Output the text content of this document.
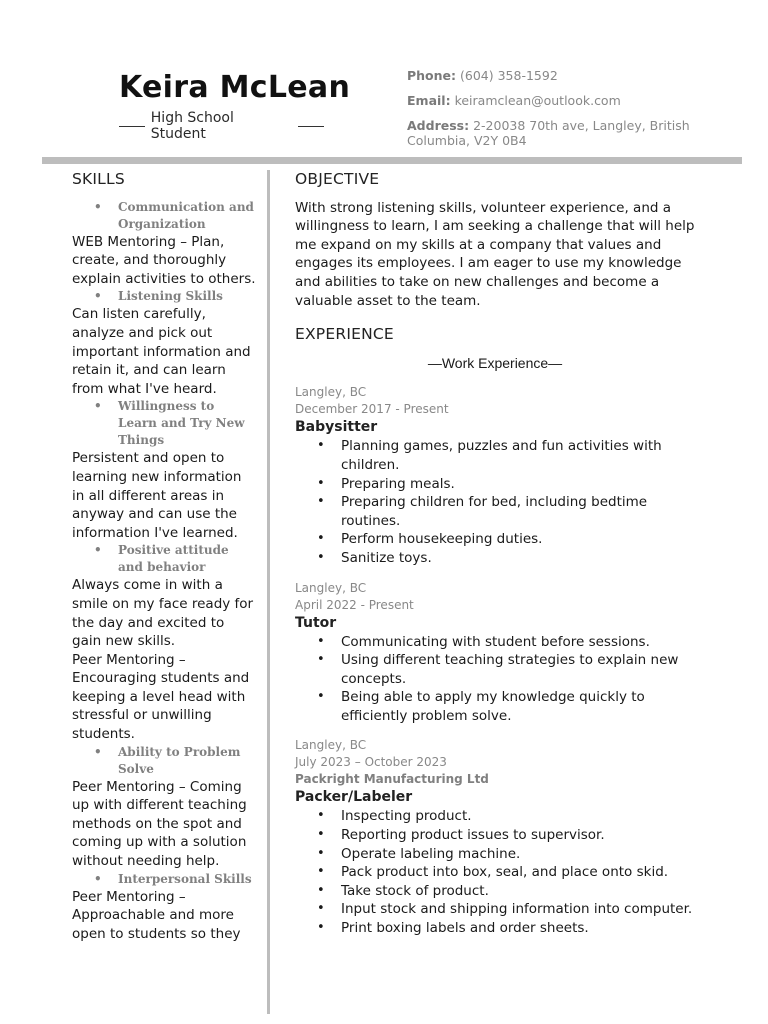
Keira McLean
High School Student
Phone: (604) 358-1592
Email: keiramclean@outlook.com
Address: 2-20038 70th ave, Langley, British
Columbia, V2Y 0B4
SKILLS
• Communication and Organization

WEB Mentoring – Plan, create, and thoroughly explain activities to others.

• Listening Skills

Can listen carefully, analyze and pick out important information and retain it, and can learn from what I've heard.

• Willingness to Learn and Try New Things

Persistent and open to learning new information in all different areas in anyway and can use the information I've learned.

• Positive attitude and behavior

Always come in with a smile on my face ready for the day and excited to gain new skills.

Peer Mentoring – Encouraging students and keeping a level head with stressful or unwilling students.

• Ability to Problem Solve

Peer Mentoring – Coming up with different teaching methods on the spot and coming up with a solution without needing help.

• Interpersonal Skills

Peer Mentoring – Approachable and more open to students so they

OBJECTIVE

With strong listening skills, volunteer experience, and a willingness to learn, I am seeking a challenge that will help me expand on my skills at a company that values and engages its employees. I am eager to use my knowledge and abilities to take on new challenges and become a valuable asset to the team.

EXPERIENCE
—Work Experience—
Langley, BC
December 2017 - Present
Babysitter
• Planning games, puzzles and fun activities with children.
• Preparing meals.
• Preparing children for bed, including bedtime routines.
• Perform housekeeping duties.
• Sanitize toys.
Langley, BC
April 2022 - Present
Tutor
• Communicating with student before sessions.
• Using different teaching strategies to explain new concepts.
• Being able to apply my knowledge quickly to efficiently problem solve.
Langley, BC
July 2023 – October 2023
Packright Manufacturing Ltd
Packer/Labeler
• Inspecting product.
• Reporting product issues to supervisor.
• Operate labeling machine.
• Pack product into box, seal, and place onto skid.
• Take stock of product.
• Input stock and shipping information into computer.
• Print boxing labels and order sheets.
